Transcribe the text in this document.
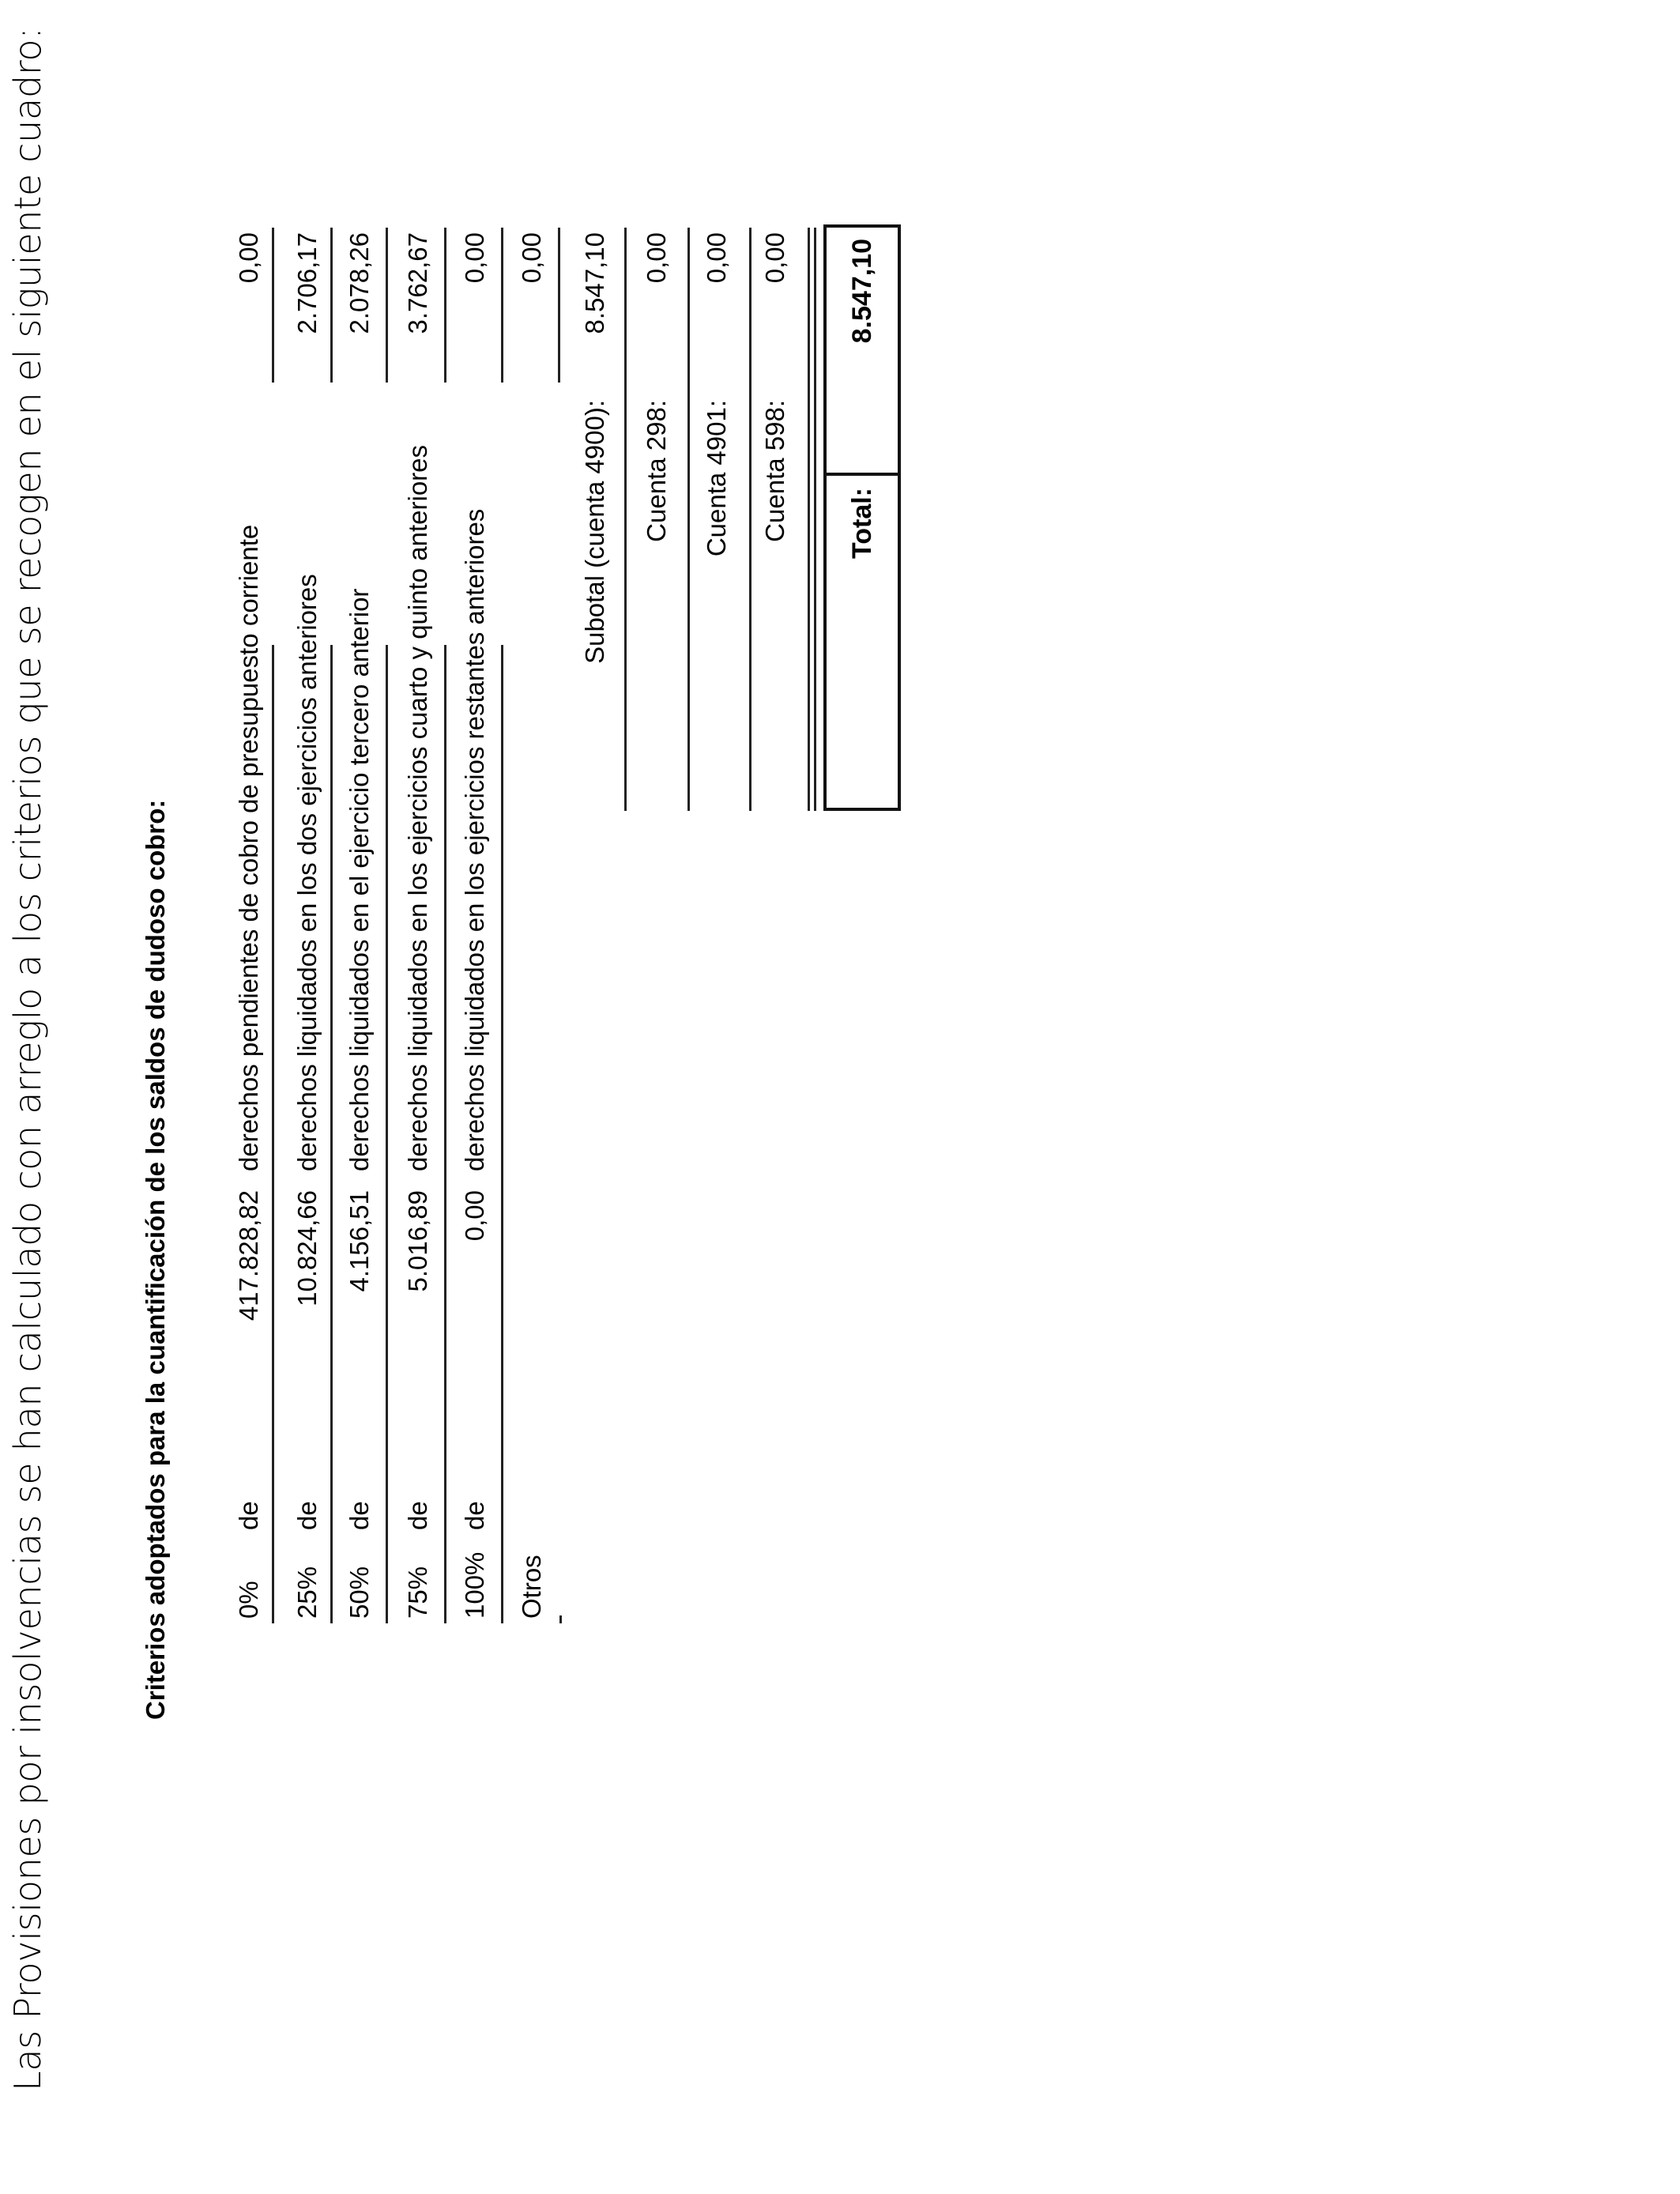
Las Provisiones por insolvencias se han calculado con arreglo a los criterios que se recogen en el siguiente cuadro:	Criterios adoptados para la cuantificación de los saldos de dudoso cobro: 0%
de
417.828,82
derechos pendientes de cobro de presupuesto corriente
0,00
25%
de
10.824,66
derechos liquidados en los dos ejercicios anteriores
2.706,17
50%
de
4.156,51
derechos liquidados en el ejercicio tercero anterior
2.078,26
75%
de
5.016,89
derechos liquidados en los ejercicios cuarto y quinto anteriores
3.762,67
100%
de
0,00
derechos liquidados en los ejercicios restantes anteriores
0,00
Otros
0,00
Subotal (cuenta 4900):
8.547,10
Cuenta 298:
0,00
Cuenta 4901:
0,00
Cuenta 598:
0,00
Total:
8.547,10
